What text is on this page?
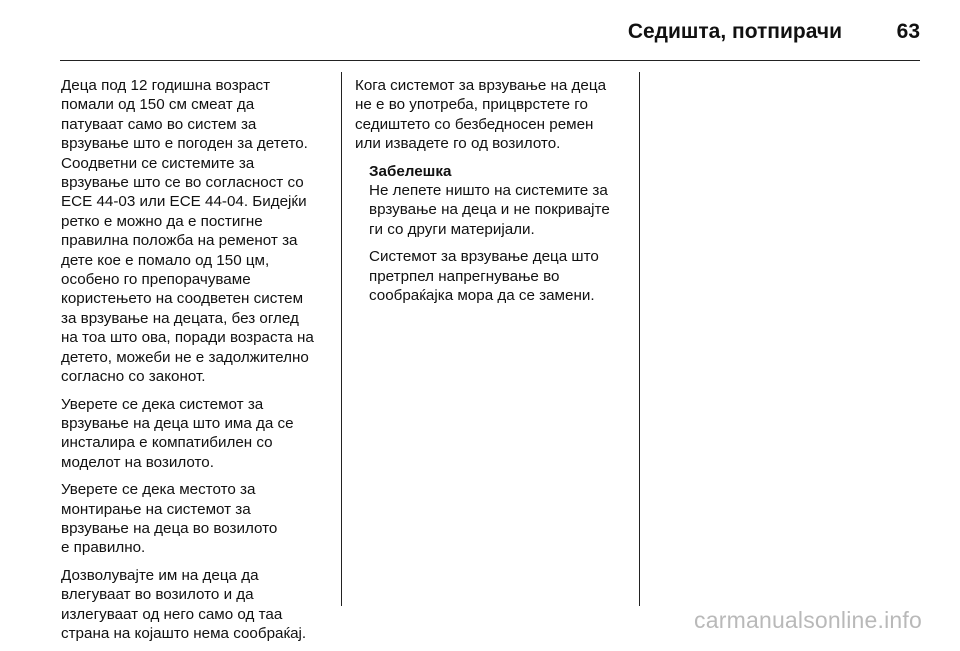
Седишта, потпирачи	63

Деца под 12 годишна возраст
помали од 150 см смеат да
патуваат само во систем за
врзување што е погоден за детето.
Соодветни се системите за
врзување што се во согласност со
ECE 44-03 или ECE 44-04. Бидејќи
ретко е можно да е постигне
правилна положба на ременот за
дете кое е помало од 150 цм,
особено го препорачуваме
користењето на соодветен систем
за врзување на децата, без оглед
на тоа што ова, поради возраста на
детето, можеби не е задолжително
согласно со законот.

Уверете се дека системот за
врзување на деца што има да се
инсталира е компатибилен со
моделот на возилото.

Уверете се дека местото за
монтирање на системот за
врзување на деца во возилото
е правилно.

Дозволувајте им на деца да
влегуваат во возилото и да
излегуваат од него само од таа
страна на којашто нема сообраќај.

Кога системот за врзување на деца
не е во употреба, прицврстете го
седиштето со безбедносен ремен
или извадете го од возилото.

Забелешка

Не лепете ништо на системите за
врзување на деца и не покривајте
ги со други материјали.

Системот за врзување деца што
претрпел напрегнување во
сообраќајка мора да се замени.

carmanualsonline.info
